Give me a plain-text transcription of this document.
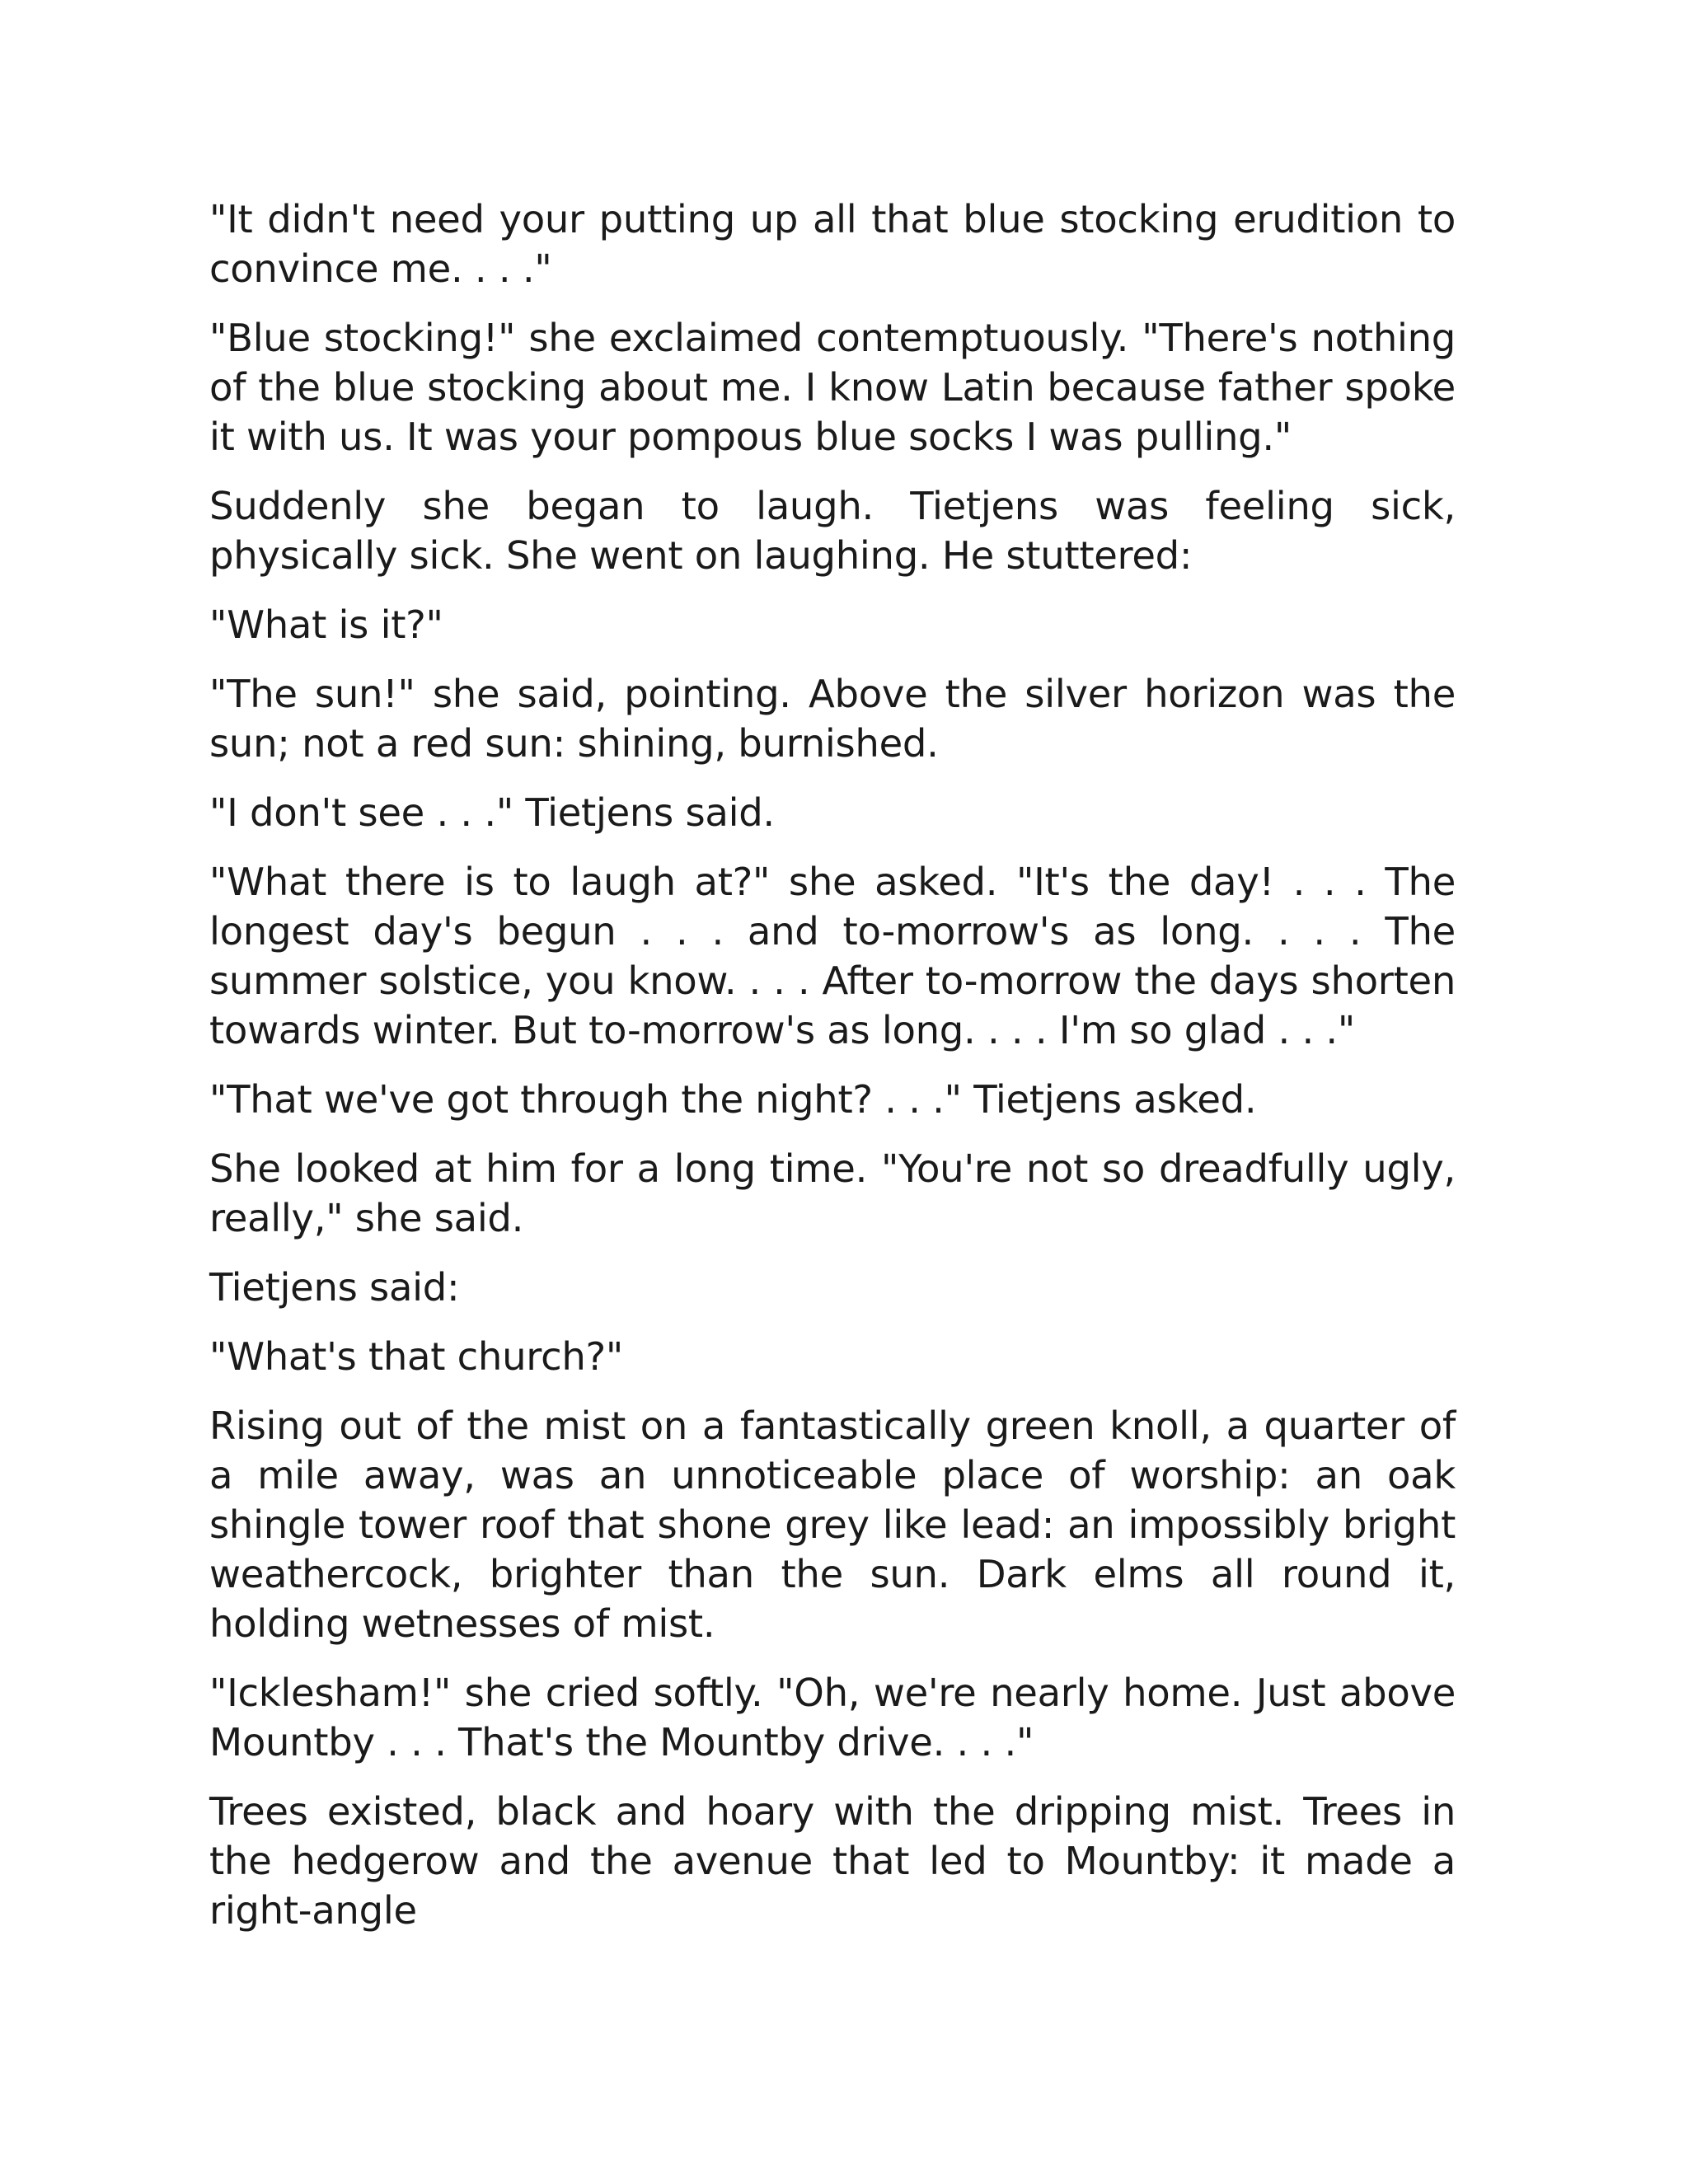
"It didn't need your putting up all that blue stocking erudition to convince me. . . ."

"Blue stocking!" she exclaimed contemptuously. "There's nothing of the blue stocking about me. I know Latin because father spoke it with us. It was your pompous blue socks I was pulling."

Suddenly she began to laugh. Tietjens was feeling sick, physically sick. She went on laughing. He stuttered:

"What is it?"

"The sun!" she said, pointing. Above the silver horizon was the sun; not a red sun: shining, burnished.

"I don't see . . ." Tietjens said.

"What there is to laugh at?" she asked. "It's the day! . . . The longest day's begun . . . and to-morrow's as long. . . . The summer solstice, you know. . . . After to-morrow the days shorten towards winter. But to-morrow's as long. . . . I'm so glad . . ."

"That we've got through the night? . . ." Tietjens asked.

She looked at him for a long time. "You're not so dreadfully ugly, really," she said.

Tietjens said:

"What's that church?"

Rising out of the mist on a fantastically green knoll, a quarter of a mile away, was an unnoticeable place of worship: an oak shingle tower roof that shone grey like lead: an impossibly bright weathercock, brighter than the sun. Dark elms all round it, holding wetnesses of mist.

"Icklesham!" she cried softly. "Oh, we're nearly home. Just above Mountby . . . That's the Mountby drive. . . ."

Trees existed, black and hoary with the dripping mist. Trees in the hedgerow and the avenue that led to Mountby: it made a right-angle
